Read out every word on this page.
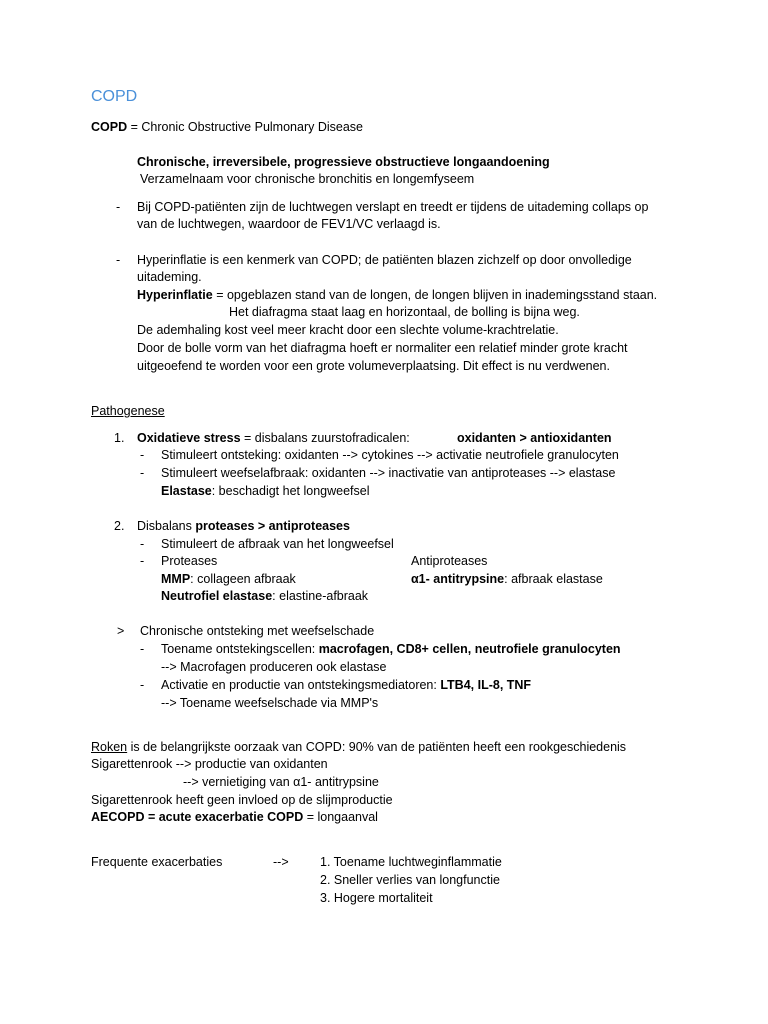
COPD
COPD = Chronic Obstructive Pulmonary Disease
Chronische, irreversibele, progressieve obstructieve longaandoening
Verzamelnaam voor chronische bronchitis en longemfyseem
- Bij COPD-patiënten zijn de luchtwegen verslapt en treedt er tijdens de uitademing collaps op
van de luchtwegen, waardoor de FEV1/VC verlaagd is.
- Hyperinflatie is een kenmerk van COPD; de patiënten blazen zichzelf op door onvolledige
uitademing.
Hyperinflatie = opgeblazen stand van de longen, de longen blijven in inademingsstand staan.
Het diafragma staat laag en horizontaal, de bolling is bijna weg.
De ademhaling kost veel meer kracht door een slechte volume-krachtrelatie.
Door de bolle vorm van het diafragma hoeft er normaliter een relatief minder grote kracht
uitgeoefend te worden voor een grote volumeverplaatsing. Dit effect is nu verdwenen.
Pathogenese
1. Oxidatieve stress = disbalans zuurstofradicalen:	oxidanten > antioxidanten
- Stimuleert ontsteking: oxidanten --> cytokines --> activatie neutrofiele granulocyten
- Stimuleert weefselafbraak: oxidanten --> inactivatie van antiproteases --> elastase
Elastase: beschadigt het longweefsel
2. Disbalans proteases > antiproteases
- Stimuleert de afbraak van het longweefsel
- Proteases	Antiproteases
MMP: collageen afbraak	α1- antitrypsine: afbraak elastase
Neutrofiel elastase: elastine-afbraak
> Chronische ontsteking met weefselschade
- Toename ontstekingscellen: macrofagen, CD8+ cellen, neutrofiele granulocyten
--> Macrofagen produceren ook elastase
- Activatie en productie van ontstekingsmediatoren: LTB4, IL-8, TNF
--> Toename weefselschade via MMP's
Roken is de belangrijkste oorzaak van COPD: 90% van de patiënten heeft een rookgeschiedenis
Sigarettenrook --> productie van oxidanten
--> vernietiging van α1- antitrypsine
Sigarettenrook heeft geen invloed op de slijmproductie
AECOPD = acute exacerbatie COPD = longaanval
Frequente exacerbaties	-->	1. Toename luchtweginflammatie
2. Sneller verlies van longfunctie
3. Hogere mortaliteit
